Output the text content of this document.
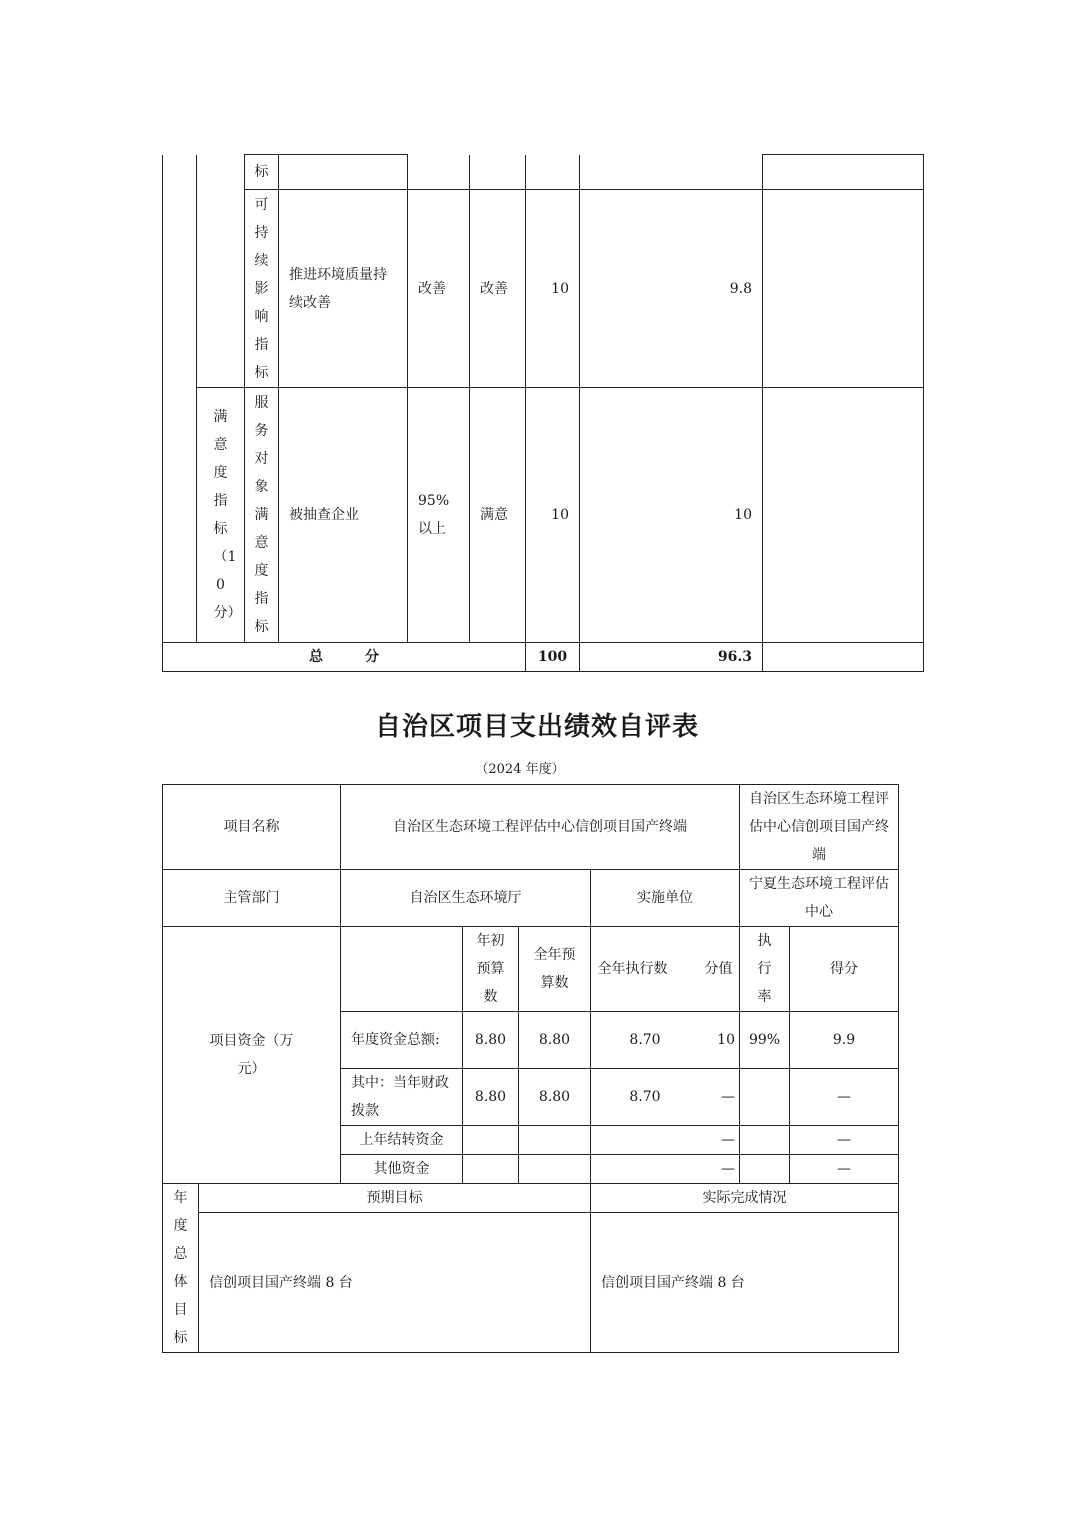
		标						

		可持续影响指标	推进环境质量持续改善	改善	改善	10	9.8	

	满意度指标（10分）	服务对象满意度指标	被抽查企业	95%以上	满意	10	10	
总　　　分						100	96.3	
自治区项目支出绩效自评表
（2024 年度）
项目名称		自治区生态环境工程评估中心信创项目国产终端				自治区生态环境工程评估中心信创项目国产终端	
主管部门		自治区生态环境厅			实施单位	宁夏生态环境工程评估中心	
项目资金（万元）			年初预算数	全年预算数	全年执行数 分值	执行率	得分
		年度资金总额:	8.80	8.80	8.70 10	99%	9.9
		其中：当年财政拨款	8.80	8.80	8.70 —		—
		上年结转资金			—		—
		其他资金			—		—

年度总体目标	预期目标				实际完成情况		
	信创项目国产终端 8 台				信创项目国产终端 8 台		
